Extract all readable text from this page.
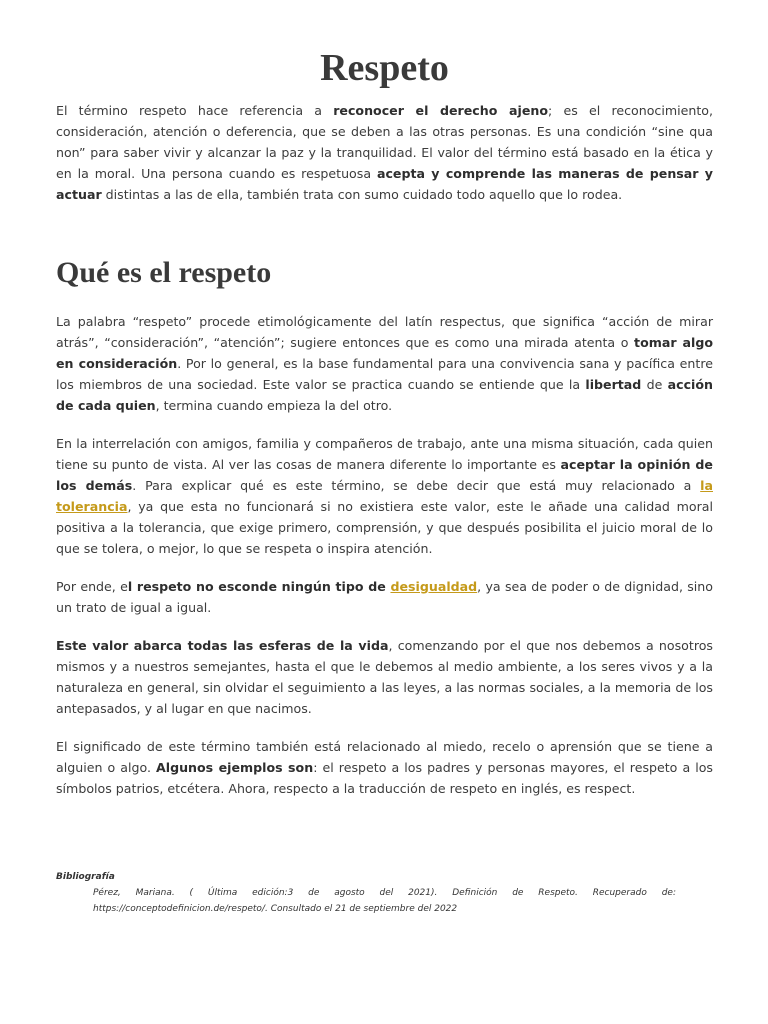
Respeto

El término respeto hace referencia a reconocer el derecho ajeno; es el reconocimiento, consideración, atención o deferencia, que se deben a las otras personas. Es una condición “sine qua non” para saber vivir y alcanzar la paz y la tranquilidad. El valor del término está basado en la ética y en la moral. Una persona cuando es respetuosa acepta y comprende las maneras de pensar y actuar distintas a las de ella, también trata con sumo cuidado todo aquello que lo rodea.

Qué es el respeto

La palabra “respeto” procede etimológicamente del latín respectus, que significa “acción de mirar atrás”, “consideración”, “atención”; sugiere entonces que es como una mirada atenta o tomar algo en consideración. Por lo general, es la base fundamental para una convivencia sana y pacífica entre los miembros de una sociedad. Este valor se practica cuando se entiende que la libertad de acción de cada quien, termina cuando empieza la del otro.

En la interrelación con amigos, familia y compañeros de trabajo, ante una misma situación, cada quien tiene su punto de vista. Al ver las cosas de manera diferente lo importante es aceptar la opinión de los demás. Para explicar qué es este término, se debe decir que está muy relacionado a la tolerancia, ya que esta no funcionará si no existiera este valor, este le añade una calidad moral positiva a la tolerancia, que exige primero, comprensión, y que después posibilita el juicio moral de lo que se tolera, o mejor, lo que se respeta o inspira atención.

Por ende, el respeto no esconde ningún tipo de desigualdad, ya sea de poder o de dignidad, sino un trato de igual a igual.

Este valor abarca todas las esferas de la vida, comenzando por el que nos debemos a nosotros mismos y a nuestros semejantes, hasta el que le debemos al medio ambiente, a los seres vivos y a la naturaleza en general, sin olvidar el seguimiento a las leyes, a las normas sociales, a la memoria de los antepasados, y al lugar en que nacimos.

El significado de este término también está relacionado al miedo, recelo o aprensión que se tiene a alguien o algo. Algunos ejemplos son: el respeto a los padres y personas mayores, el respeto a los símbolos patrios, etcétera. Ahora, respecto a la traducción de respeto en inglés, es respect.

Bibliografía
Pérez, Mariana. ( Última edición:3 de agosto del 2021). Definición de Respeto. Recuperado de: https://conceptodefinicion.de/respeto/. Consultado el 21 de septiembre del 2022
